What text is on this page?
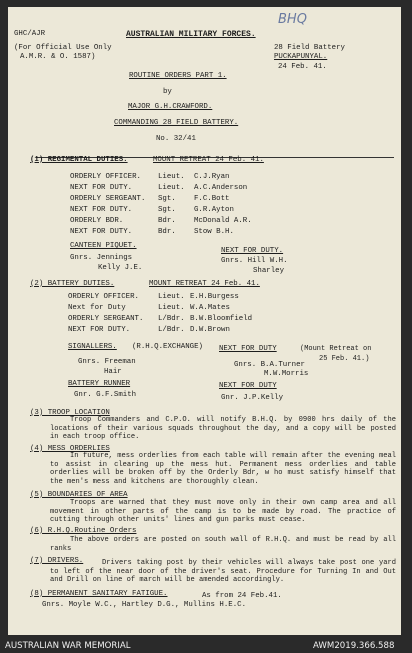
BHQ
GHC/AJR	AUSTRALIAN MILITARY FORCES.
(For Official Use Only
A.M.R. & O. 1587)
28 Field Battery
PUCKAPUNYAL.
24 Feb. 41.
ROUTINE ORDERS PART 1.
by
MAJOR G.H.CRAWFORD.
COMMANDING 28 FIELD BATTERY.
No. 32/41
(1) REGIMENTAL DUTIES.	MOUNT RETREAT 24 Feb. 41.
ORDERLY OFFICER. Lieut. C.J.Ryan
NEXT FOR DUTY.	Lieut. A.C.Anderson
ORDERLY SERGEANT. Sgt. F.C.Bott
NEXT FOR DUTY.	Sgt. G.R.Ayton
ORDERLY BDR.	Bdr. McDonald A.R.
NEXT FOR DUTY.	Bdr. Stow B.H.
CANTEEN PIQUET.
Gnrs. Jennings
Kelly J.E.
NEXT FOR DUTY.
Gnrs. Hill W.H.
Sharley
(2) BATTERY DUTIES.	MOUNT RETREAT 24 Feb. 41.
ORDERLY OFFICER.	Lieut. E.H.Burgess
Next for Duty	Lieut. W.A.Mates
ORDERLY SERGEANT. L/Bdr. B.W.Bloomfield
NEXT FOR DUTY.	L/Bdr. D.W.Brown
SIGNALLERS. (R.H.Q.EXCHANGE)
Gnrs. Freeman
Hair
NEXT FOR DUTY	(Mount Retreat on
25 Feb. 41.)
Gnrs. B.A.Turner
M.W.Morris
BATTERY RUNNER
Gnr. G.F.Smith
NEXT FOR DUTY
Gnr. J.P.Kelly
(3) TROOP LOCATION
Troop Commanders and C.P.O. will notify B.H.Q. by 0900 hrs daily of the locations of their various squads throughout the day, and a copy will be posted in each troop office.
(4) MESS ORDERLIES
In future, mess orderlies from each table will remain after the evening meal to assist in clearing up the mess hut. Permanent mess orderlies and table orderlies will be broken off by the Orderly Bdr, w ho must satisfy himself that the men's mess and kitchens are thoroughly clean.
(5) BOUNDARIES OF AREA
Troops are warned that they must move only in their own camp area and all movement in other parts of the camp is to be made by road. The practice of cutting through other units' lines and gun parks must cease.
(6) R.H.Q.Routine Orders
The above orders are posted on south wall of R.H.Q. and must be read by all ranks
(7) DRIVERS.	Drivers taking post by their vehicles will always take post one yard to left of the near door of the driver's seat. Procedure for Turning In and Out and Drill on line of march will be amended accordingly.
(8) PERMANENT SANITARY FATIGUE.	As from 24 Feb.41.
Gnrs. Moyle W.C., Hartley D.G., Mullins H.E.C.
AUSTRALIAN WAR MEMORIAL	AWM2019.366.588
